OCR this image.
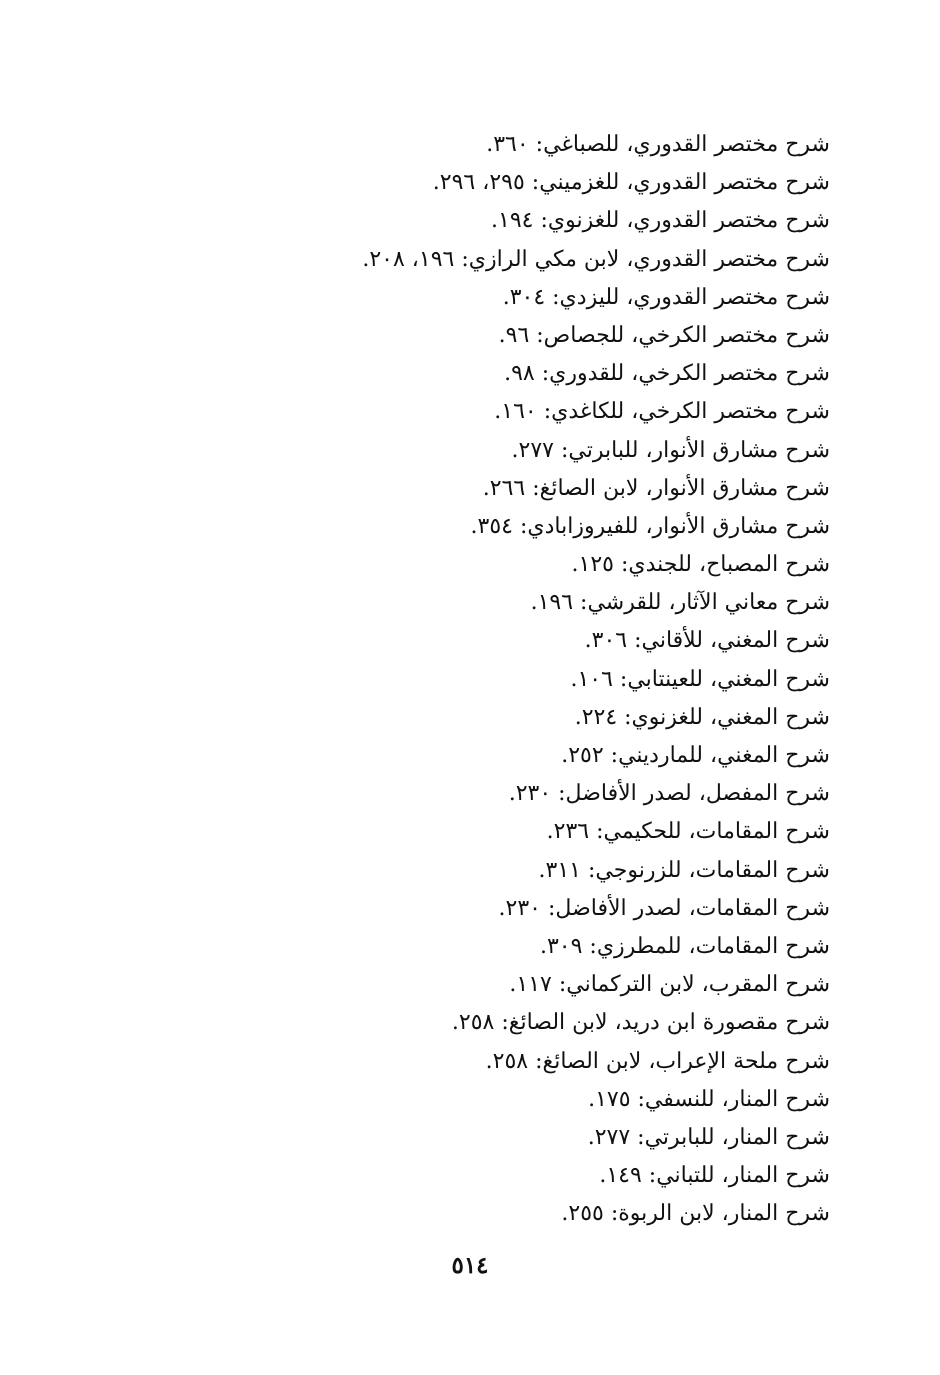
شرح مختصر القدوري، للصباغي: ٣٦٠.
شرح مختصر القدوري، للغزميني: ٢٩٥، ٢٩٦.
شرح مختصر القدوري، للغزنوي: ١٩٤.
شرح مختصر القدوري، لابن مكي الرازي: ١٩٦، ٢٠٨.
شرح مختصر القدوري، لليزدي: ٣٠٤.
شرح مختصر الكرخي، للجصاص: ٩٦.
شرح مختصر الكرخي، للقدوري: ٩٨.
شرح مختصر الكرخي، للكاغدي: ١٦٠.
شرح مشارق الأنوار، للبابرتي: ٢٧٧.
شرح مشارق الأنوار، لابن الصائغ: ٢٦٦.
شرح مشارق الأنوار، للفيروزابادي: ٣٥٤.
شرح المصباح، للجندي: ١٢٥.
شرح معاني الآثار، للقرشي: ١٩٦.
شرح المغني، للأقاني: ٣٠٦.
شرح المغني، للعينتابي: ١٠٦.
شرح المغني، للغزنوي: ٢٢٤.
شرح المغني، للماردیني: ٢٥٢.
شرح المفصل، لصدر الأفاضل: ٢٣٠.
شرح المقامات، للحكيمي: ٢٣٦.
شرح المقامات، للزرنوجي: ٣١١.
شرح المقامات، لصدر الأفاضل: ٢٣٠.
شرح المقامات، للمطرزي: ٣٠٩.
شرح المقرب، لابن التركماني: ١١٧.
شرح مقصورة ابن دريد، لابن الصائغ: ٢٥٨.
شرح ملحة الإعراب، لابن الصائغ: ٢٥٨.
شرح المنار، للنسفي: ١٧٥.
شرح المنار، للبابرتي: ٢٧٧.
شرح المنار، للتباني: ١٤٩.
شرح المنار، لابن الربوة: ٢٥٥.
٥١٤
